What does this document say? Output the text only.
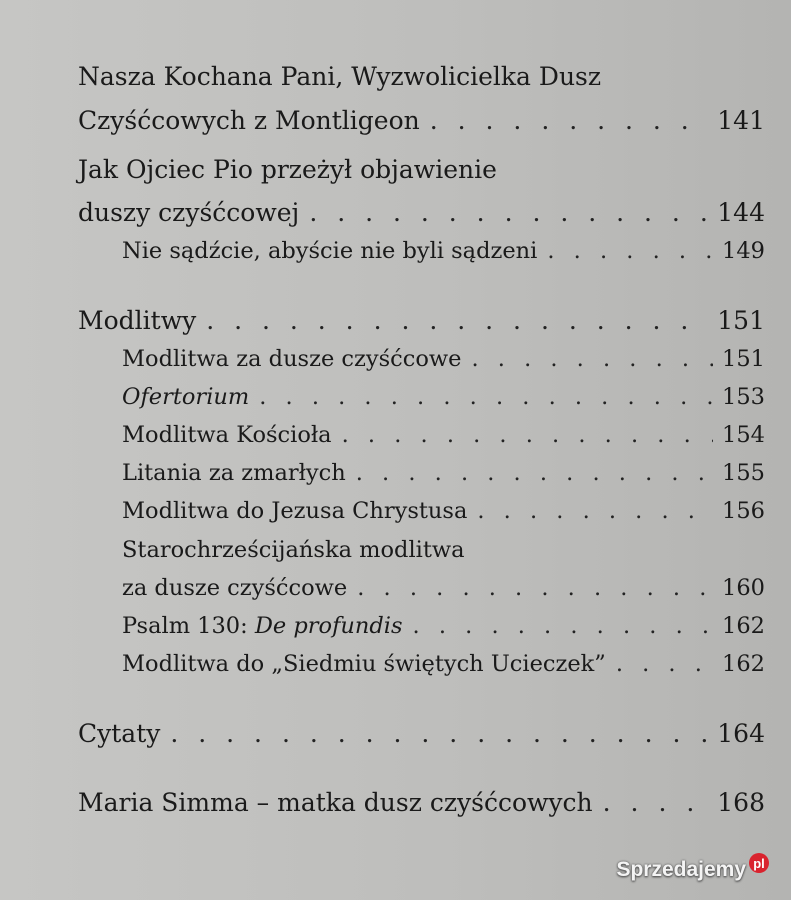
Nasza Kochana Pani, Wyzwolicielka Dusz
Czyśćcowych z Montligeon . . .	141
Jak Ojciec Pio przeżył objawienie
duszy czyśćcowej . . .	144
Nie sądźcie, abyście nie byli sądzeni . . .	149
Modlitwy . . .	151
Modlitwa za dusze czyśćcowe . . .	151
Ofertorium . . .	153
Modlitwa Kościoła . . .	154
Litania za zmarłych . . .	155
Modlitwa do Jezusa Chrystusa . . .	156
Starochrześcijańska modlitwa
za dusze czyśćcowe . . .	160
Psalm 130: De profundis . . .	162
Modlitwa do „Siedmiu świętych Ucieczek” . . .	162
Cytaty . . .	164
Maria Simma – matka dusz czyśćcowych . . .	168
Sprzedajemy pl
